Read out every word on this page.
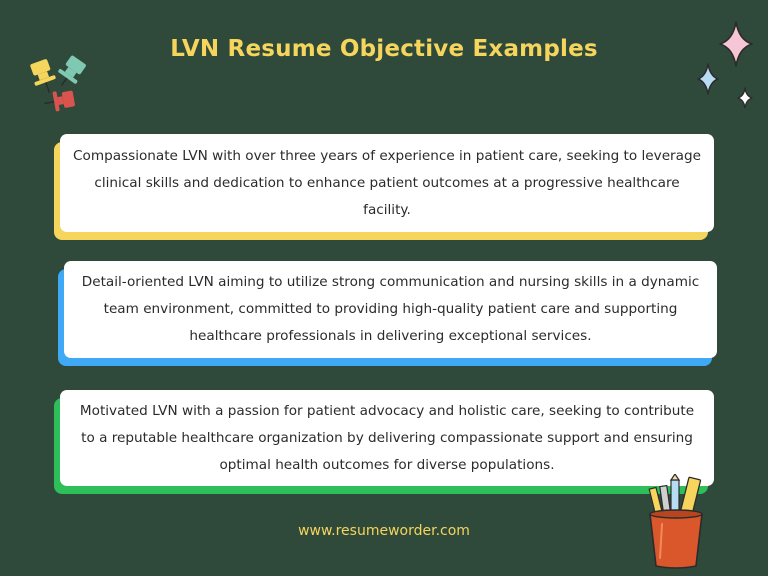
LVN Resume Objective Examples
Compassionate LVN with over three years of experience in patient care, seeking to leverage clinical skills and dedication to enhance patient outcomes at a progressive healthcare facility.
Detail-oriented LVN aiming to utilize strong communication and nursing skills in a dynamic team environment, committed to providing high-quality patient care and supporting healthcare professionals in delivering exceptional services.
Motivated LVN with a passion for patient advocacy and holistic care, seeking to contribute to a reputable healthcare organization by delivering compassionate support and ensuring optimal health outcomes for diverse populations.
www.resumeworder.com
